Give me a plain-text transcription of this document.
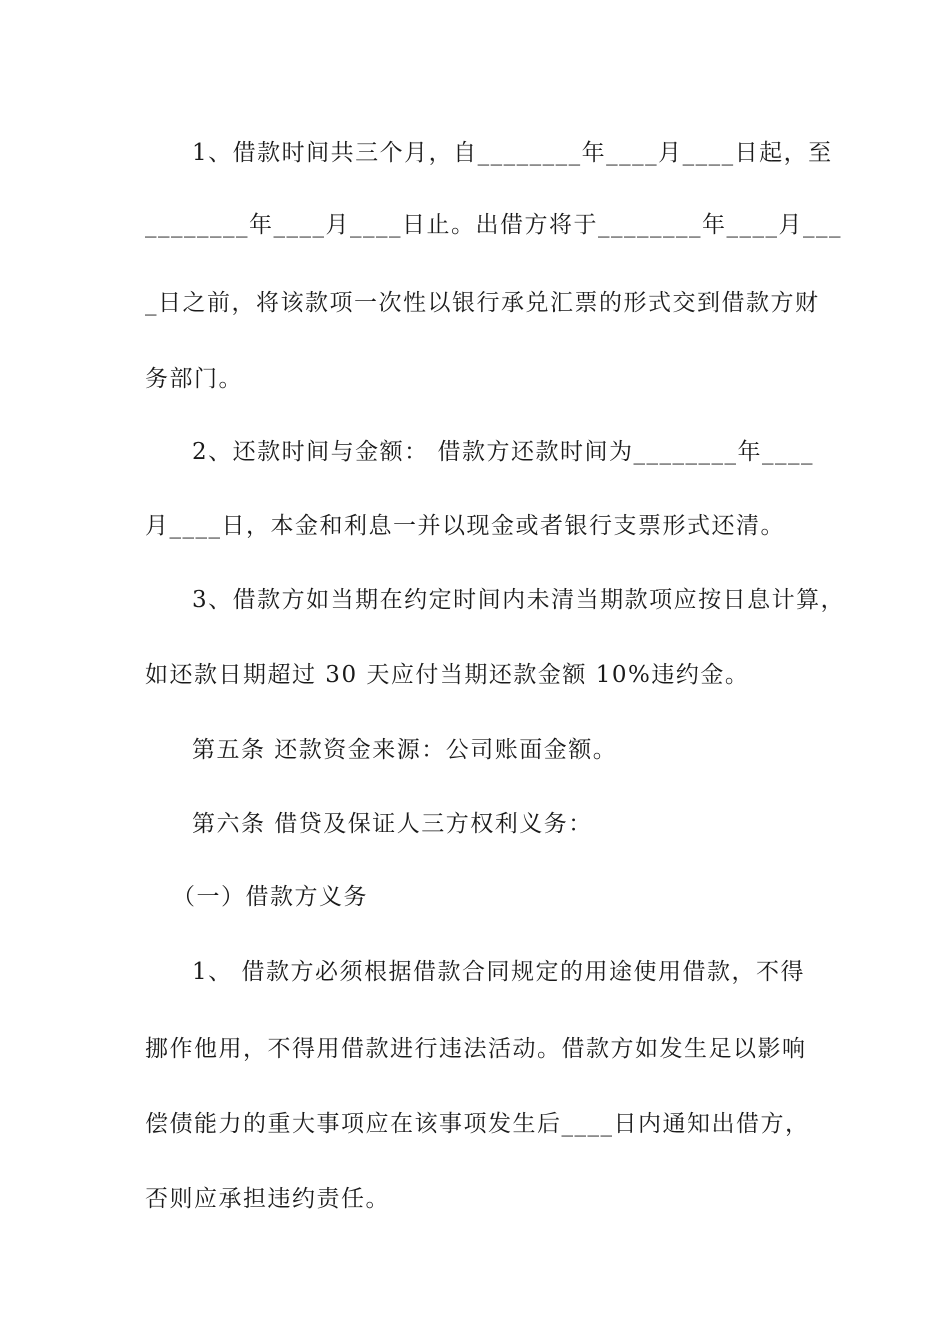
1、借款时间共三个月，自________年____月____日起，至
________年____月____日止。出借方将于________年____月___
_日之前，将该款项一次性以银行承兑汇票的形式交到借款方财
务部门。
2、还款时间与金额： 借款方还款时间为________年____
月____日，本金和利息一并以现金或者银行支票形式还清。
3、借款方如当期在约定时间内未清当期款项应按日息计算，
如还款日期超过 30 天应付当期还款金额 10%违约金。
第五条 还款资金来源：公司账面金额。
第六条 借贷及保证人三方权利义务：
（一）借款方义务
1、 借款方必须根据借款合同规定的用途使用借款，不得
挪作他用，不得用借款进行违法活动。借款方如发生足以影响
偿债能力的重大事项应在该事项发生后____日内通知出借方，
否则应承担违约责任。
